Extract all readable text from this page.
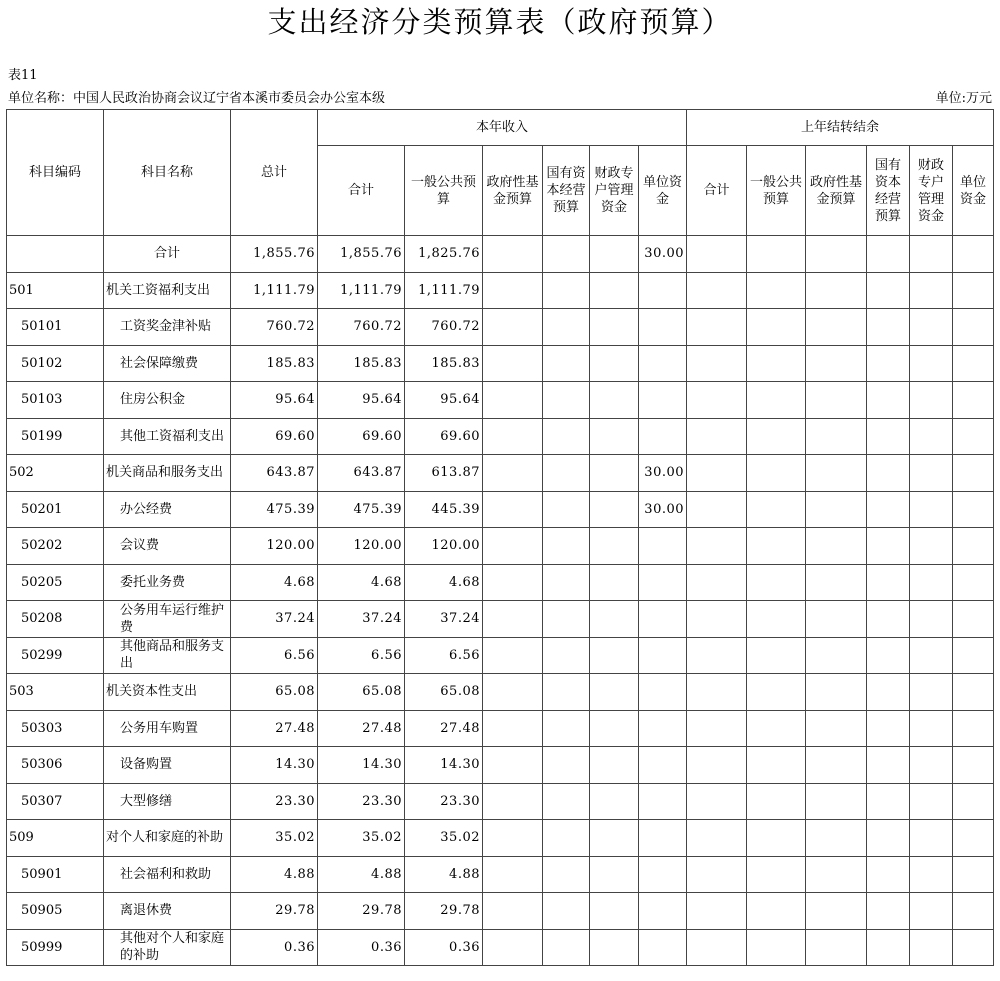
支出经济分类预算表（政府预算）
表11
单位名称：中国人民政治协商会议辽宁省本溪市委员会办公室本级	单位:万元
科目编码	科目名称	总计	本年收入						上年结转结余					
			合计	一般公共预算	政府性基金预算	国有资本经营预算	财政专户管理资金	单位资金	合计	一般公共预算	政府性基金预算	国有资本经营预算	财政专户管理资金	单位资金
	合计	1,855.76	1,855.76	1,825.76				30.00						
501	机关工资福利支出	1,111.79	1,111.79	1,111.79										
50101	工资奖金津补贴	760.72	760.72	760.72										
50102	社会保障缴费	185.83	185.83	185.83										
50103	住房公积金	95.64	95.64	95.64										
50199	其他工资福利支出	69.60	69.60	69.60										
502	机关商品和服务支出	643.87	643.87	613.87				30.00						
50201	办公经费	475.39	475.39	445.39				30.00						
50202	会议费	120.00	120.00	120.00										
50205	委托业务费	4.68	4.68	4.68										
50208	公务用车运行维护费	37.24	37.24	37.24										
50299	其他商品和服务支出	6.56	6.56	6.56										
503	机关资本性支出	65.08	65.08	65.08										
50303	公务用车购置	27.48	27.48	27.48										
50306	设备购置	14.30	14.30	14.30										
50307	大型修缮	23.30	23.30	23.30										
509	对个人和家庭的补助	35.02	35.02	35.02										
50901	社会福利和救助	4.88	4.88	4.88										
50905	离退休费	29.78	29.78	29.78										
50999	其他对个人和家庭的补助	0.36	0.36	0.36										
